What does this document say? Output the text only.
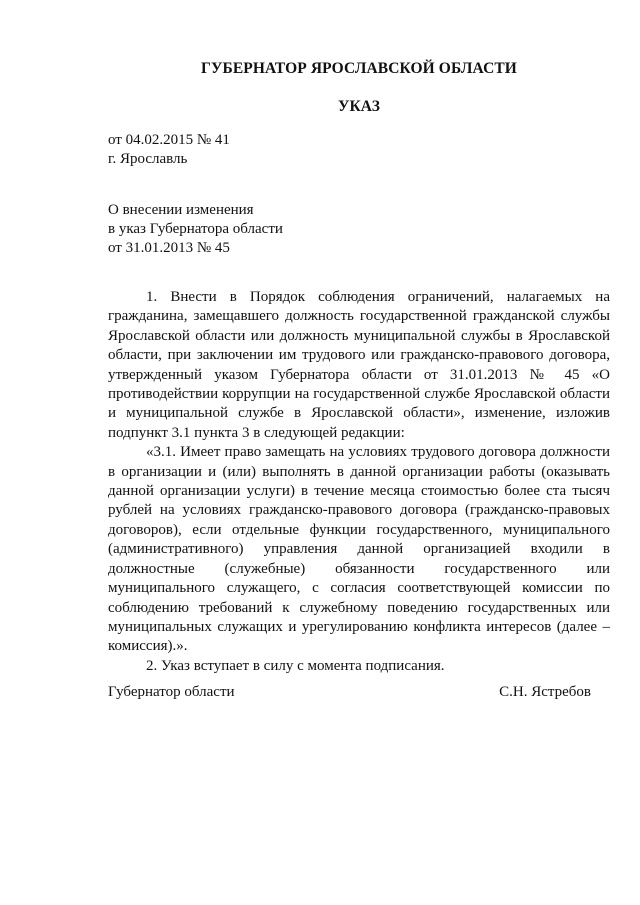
ГУБЕРНАТОР ЯРОСЛАВСКОЙ ОБЛАСТИ
УКАЗ
от 04.02.2015 № 41
г. Ярославль
О внесении изменения
в указ Губернатора области
от 31.01.2013 № 45

1. Внести в Порядок соблюдения ограничений, налагаемых на гражданина, замещавшего должность государственной гражданской службы Ярославской области или должность муниципальной службы в Ярославской области, при заключении им трудового или гражданско-правового договора, утвержденный указом Губернатора области от 31.01.2013 № 45 «О противодействии коррупции на государственной службе Ярославской области и муниципальной службе в Ярославской области», изменение, изложив подпункт 3.1 пункта 3 в следующей редакции:

«3.1. Имеет право замещать на условиях трудового договора должности в организации и (или) выполнять в данной организации работы (оказывать данной организации услуги) в течение месяца стоимостью более ста тысяч рублей на условиях гражданско-правового договора (гражданско-правовых договоров), если отдельные функции государственного, муниципального (административного) управления данной организацией входили в должностные (служебные) обязанности государственного или муниципального служащего, с согласия соответствующей комиссии по соблюдению требований к служебному поведению государственных или муниципальных служащих и урегулированию конфликта интересов (далее – комиссия).».

2. Указ вступает в силу с момента подписания.

Губернатор области	С.Н. Ястребов
